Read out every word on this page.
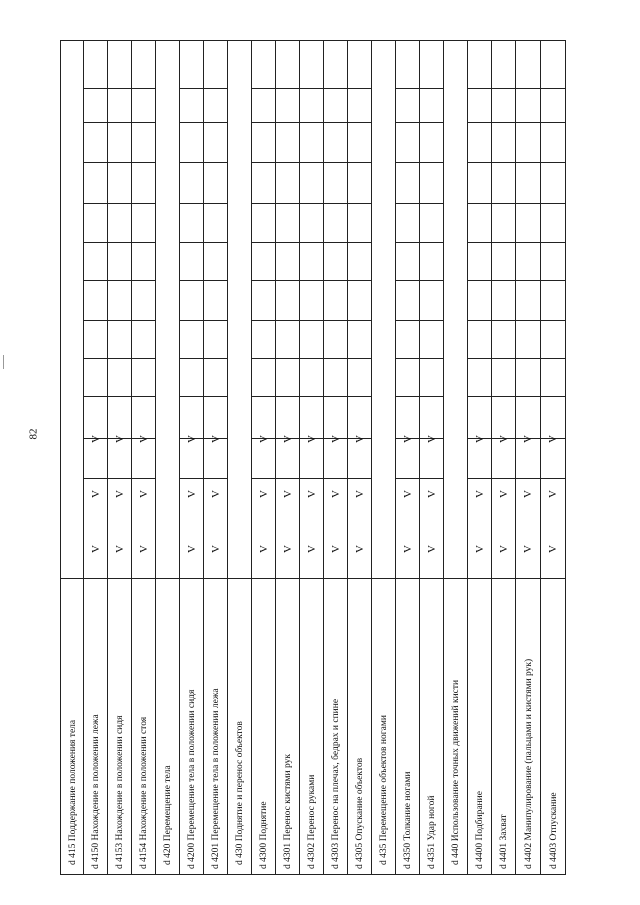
82
d 415 Поддержание положения тела d 4150 Нахождение в положении лежа
V
V
V
d 4153 Нахождение в положении сидя
V
V
V
d 4154 Нахождение в положении стоя
V
V
V
d 420 Перемещение тела d 4200 Перемещение тела в положении сидя
V
V
V
d 4201 Перемещение тела в положении лежа
V
V
V
d 430 Поднятие и перенос объектов d 4300 Поднятие
V
V
V
d 4301 Перенос кистями рук
V
V
V
d 4302 Перенос руками
V
V
V
d 4303 Перенос на плечах, бедрах и спине
V
V
V
d 4305 Опускание объектов
V
V
V
d 435 Перемещение объектов ногами d 4350 Толкание ногами
V
V
V
d 4351 Удар ногой
V
V
V
d 440 Использование точных движений кисти d 4400 Подбирание
V
V
V
d 4401 Захват
V
V
V
d 4402 Манипулирование (пальцами и кистями рук)
V
V
V
d 4403 Отпускание
V
V
V
